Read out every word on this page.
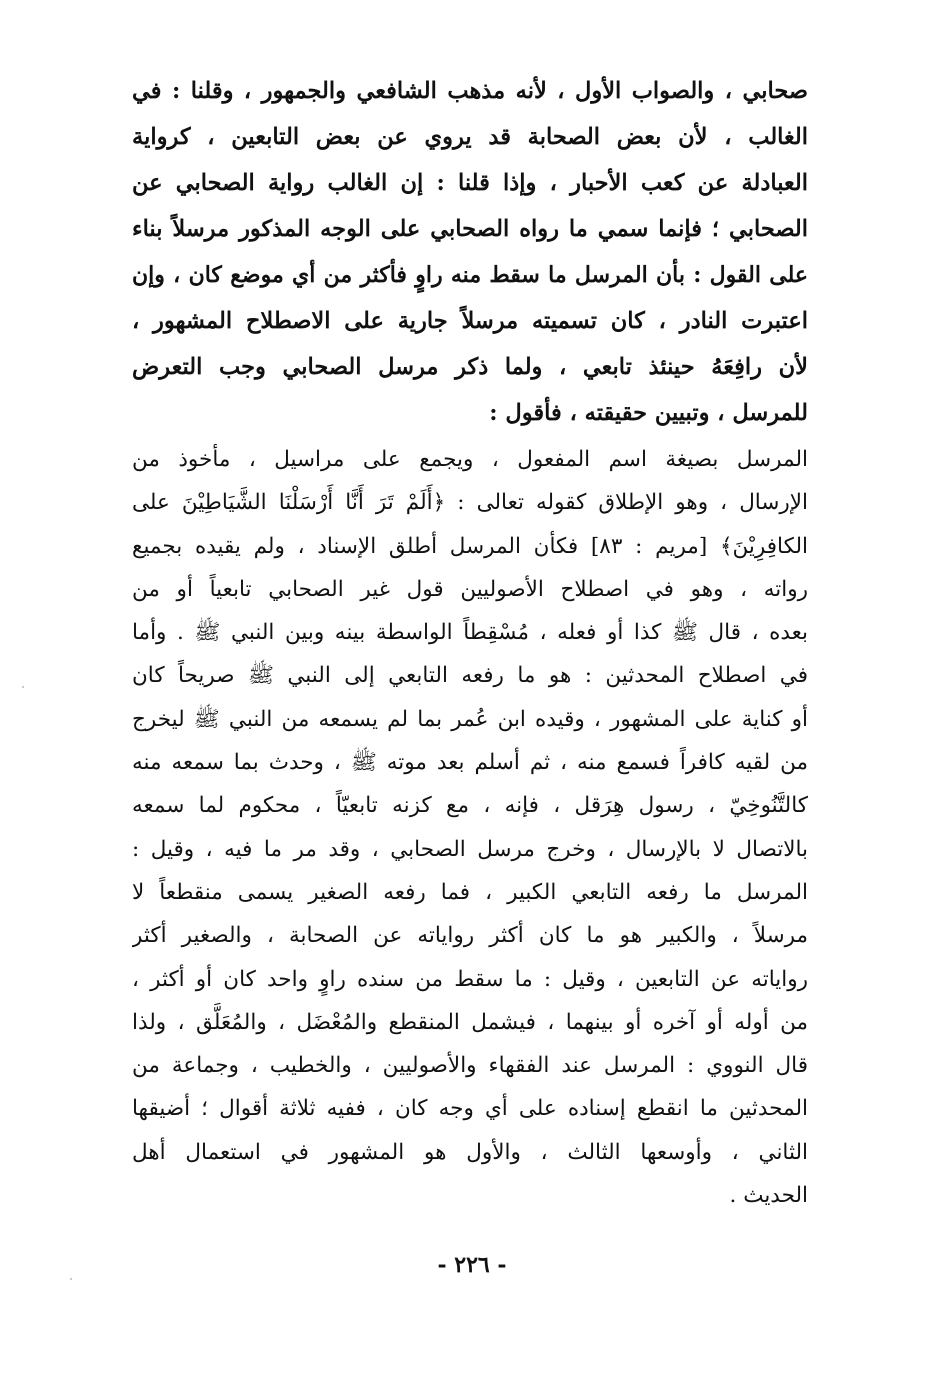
صحابي ، والصواب الأول ، لأنه مذهب الشافعي والجمهور ، وقلنا : في
الغالب ، لأن بعض الصحابة قد يروي عن بعض التابعين ، كرواية
العبادلة عن كعب الأحبار ، وإذا قلنا : إن الغالب رواية الصحابي عن
الصحابي ؛ فإنما سمي ما رواه الصحابي على الوجه المذكور مرسلاً بناء
على القول : بأن المرسل ما سقط منه راوٍ فأكثر من أي موضع كان ، وإن
اعتبرت النادر ، كان تسميته مرسلاً جارية على الاصطلاح المشهور ،
لأن رافِعَهُ حينئذ تابعي ، ولما ذكر مرسل الصحابي وجب التعرض
للمرسل ، وتبيين حقيقته ، فأقول :
المرسل بصيغة اسم المفعول ، ويجمع على مراسيل ، مأخوذ من
الإرسال ، وهو الإطلاق كقوله تعالى : ﴿أَلَمْ تَرَ أَنَّا أَرْسَلْنَا الشَّيَاطِيْنَ على
الكافِرِيْنَ﴾ [مريم : ٨٣] فكأن المرسل أطلق الإسناد ، ولم يقيده بجميع
رواته ، وهو في اصطلاح الأصوليين قول غير الصحابي تابعياً أو من
بعده ، قال ﷺ كذا أو فعله ، مُسْقِطاً الواسطة بينه وبين النبي ﷺ . وأما
في اصطلاح المحدثين : هو ما رفعه التابعي إلى النبي ﷺ صريحاً كان
أو كناية على المشهور ، وقيده ابن عُمر بما لم يسمعه من النبي ﷺ ليخرج
من لقيه كافراً فسمع منه ، ثم أسلم بعد موته ﷺ ، وحدث بما سمعه منه
كالتَّنُوخِيّ ، رسول هِرَقل ، فإنه ، مع كزنه تابعيّاً ، محكوم لما سمعه
بالاتصال لا بالإرسال ، وخرج مرسل الصحابي ، وقد مر ما فيه ، وقيل :
المرسل ما رفعه التابعي الكبير ، فما رفعه الصغير يسمى منقطعاً لا
مرسلاً ، والكبير هو ما كان أكثر رواياته عن الصحابة ، والصغير أكثر
رواياته عن التابعين ، وقيل : ما سقط من سنده راوٍ واحد كان أو أكثر ،
من أوله أو آخره أو بينهما ، فيشمل المنقطع والمُعْضَل ، والمُعَلَّق ، ولذا
قال النووي : المرسل عند الفقهاء والأصوليين ، والخطيب ، وجماعة من
المحدثين ما انقطع إسناده على أي وجه كان ، ففيه ثلاثة أقوال ؛ أضيقها
الثاني ، وأوسعها الثالث ، والأول هو المشهور في استعمال أهل
الحديث .
- ٢٢٦ -
